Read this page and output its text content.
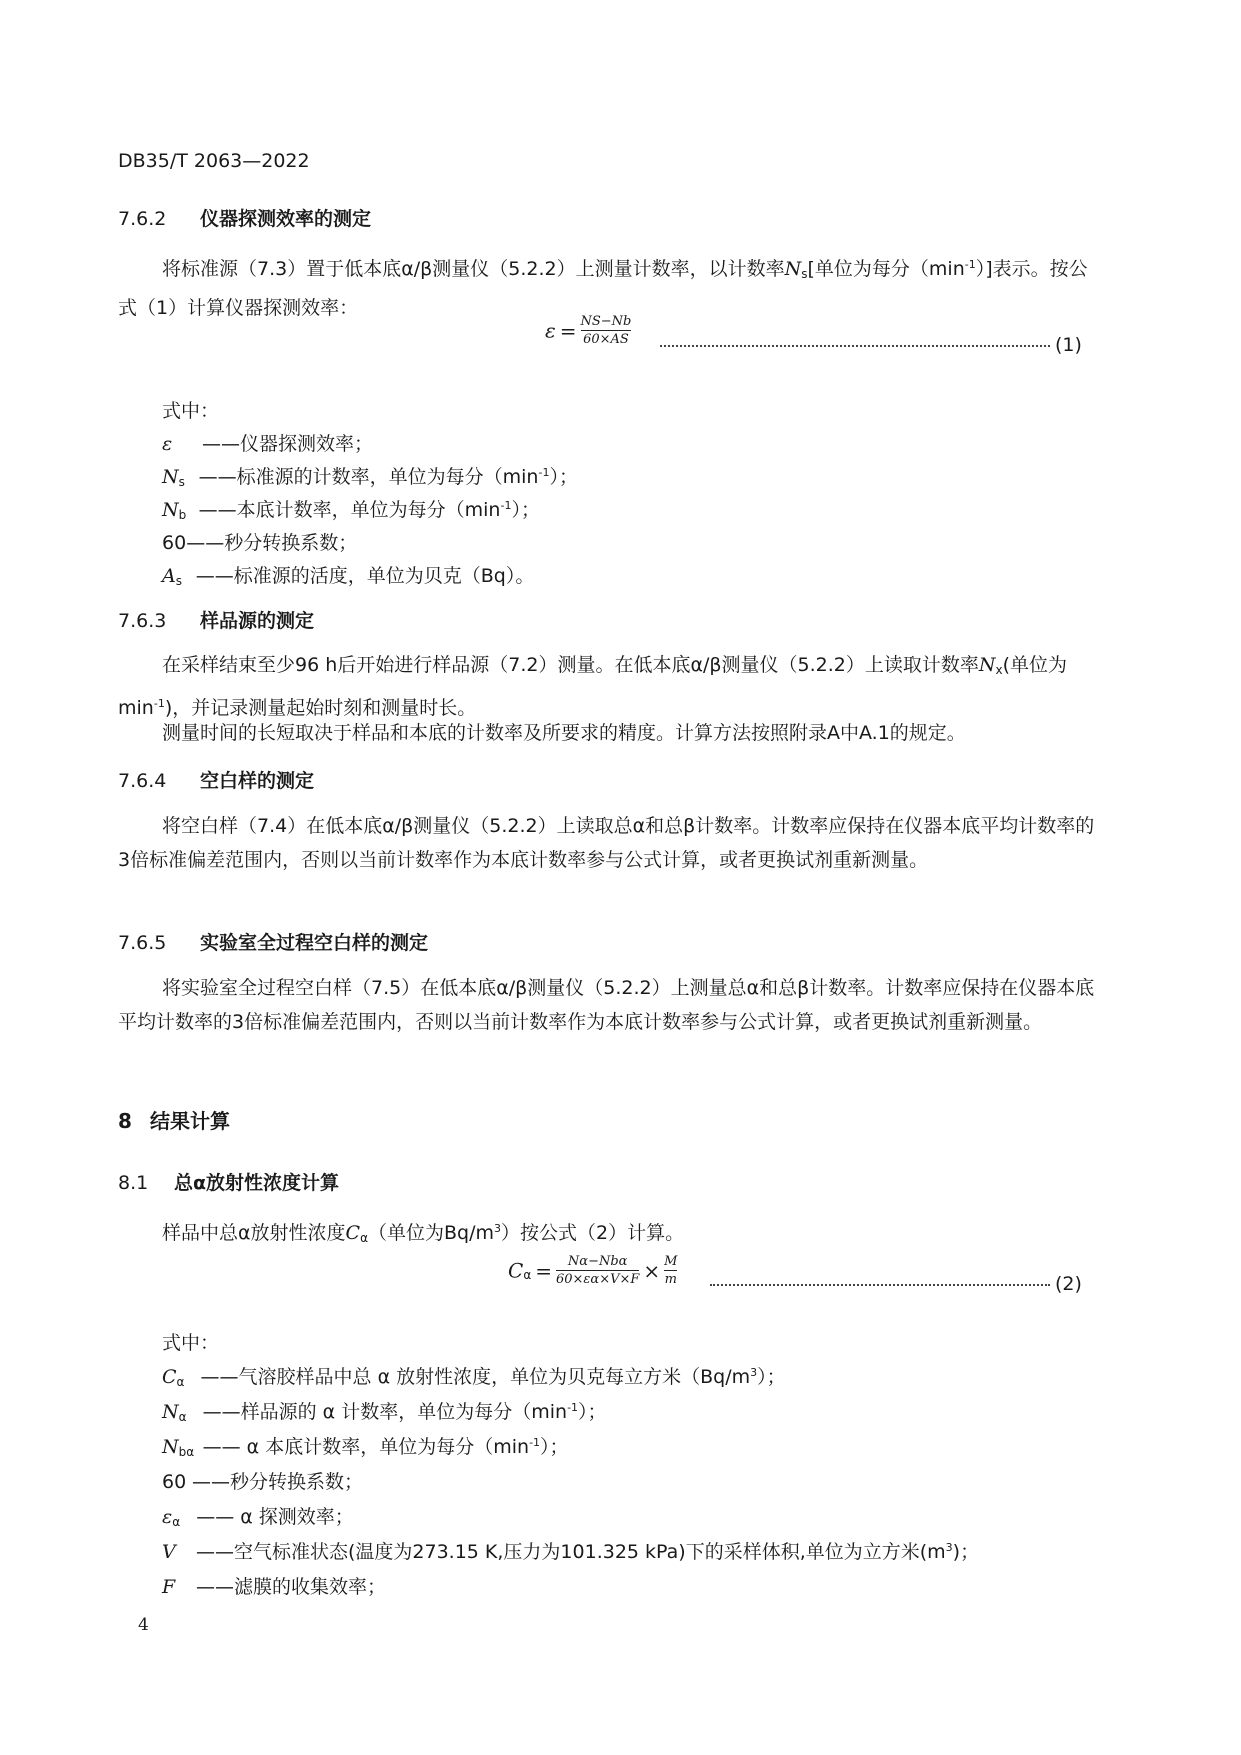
DB35/T 2063—2022
7.6.2 仪器探测效率的测定
将标准源（7.3）置于低本底α/β测量仪（5.2.2）上测量计数率，以计数率$N_s$[单位为每分$(\min^{-1})$]表示。按公式（1）计算仪器探测效率：
$\varepsilon = \frac{NS-Nb}{60\times AS}$	(1)
式中：
ε ——仪器探测效率；
Ns ——标准源的计数率，单位为每分$(\min^{-1})$；
Nb ——本底计数率，单位为每分$(\min^{-1})$；
60——秒分转换系数；
As ——标准源的活度，单位为贝克（Bq）。
7.6.3 样品源的测定
在采样结束至少96 h后开始进行样品源（7.2）测量。在低本底α/β测量仪（5.2.2）上读取计数率$N_x$(单位为$\min^{-1}$)，并记录测量起始时刻和测量时长。
测量时间的长短取决于样品和本底的计数率及所要求的精度。计算方法按照附录A中A.1的规定。
7.6.4 空白样的测定
将空白样（7.4）在低本底α/β测量仪（5.2.2）上读取总α和总β计数率。计数率应保持在仪器本底平均计数率的3倍标准偏差范围内，否则以当前计数率作为本底计数率参与公式计算，或者更换试剂重新测量。
7.6.5 实验室全过程空白样的测定
将实验室全过程空白样（7.5）在低本底α/β测量仪（5.2.2）上测量总α和总β计数率。计数率应保持在仪器本底平均计数率的3倍标准偏差范围内，否则以当前计数率作为本底计数率参与公式计算，或者更换试剂重新测量。
8 结果计算
8.1 总α放射性浓度计算
样品中总α放射性浓度$C_\alpha$（单位为$Bq/m^3$）按公式（2）计算。
$C_\alpha = \frac{\text{Nα−Nbα}}{60\times\varepsilon\alpha\times V\times F} \times \frac{M}{m}$	(2)
式中：
Cα ——气溶胶样品中总 α 放射性浓度，单位为贝克每立方米$(Bq/m^3)$；
Nα ——样品源的 α 计数率，单位为每分$(\min^{-1})$；
Nbα —— α 本底计数率，单位为每分$(\min^{-1})$；
60 ——秒分转换系数；
εα —— α 探测效率；
V ——空气标准状态(温度为273.15 K,压力为101.325 kPa)下的采样体积,单位为立方米$(m^3)$；
F ——滤膜的收集效率；
4
